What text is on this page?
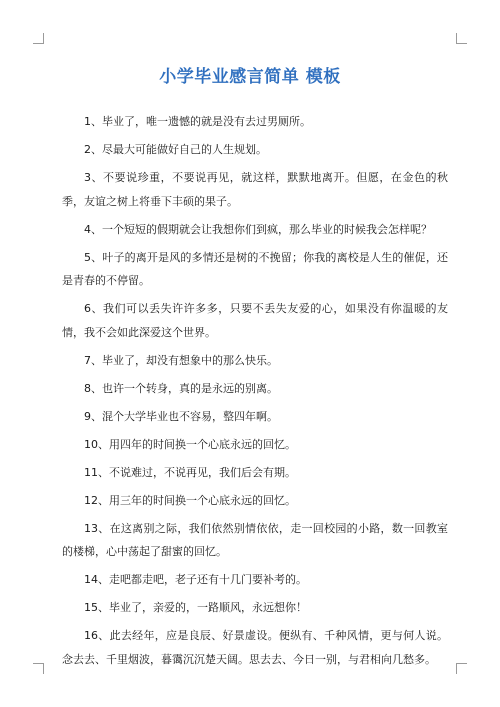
小学毕业感言简单 模板

1、毕业了，唯一遗憾的就是没有去过男厕所。

2、尽最大可能做好自己的人生规划。

3、不要说珍重，不要说再见，就这样，默默地离开。但愿，在金色的秋季，友谊之树上将垂下丰硕的果子。

4、一个短短的假期就会让我想你们到疯，那么毕业的时候我会怎样呢？

5、叶子的离开是风的多情还是树的不挽留；你我的离校是人生的催促，还是青春的不停留。

6、我们可以丢失许许多多，只要不丢失友爱的心，如果没有你温暖的友情，我不会如此深爱这个世界。

7、毕业了，却没有想象中的那么快乐。

8、也许一个转身，真的是永远的别离。

9、混个大学毕业也不容易，整四年啊。

10、用四年的时间换一个心底永远的回忆。

11、不说难过，不说再见，我们后会有期。

12、用三年的时间换一个心底永远的回忆。

13、在这离别之际，我们依然别情依依，走一回校园的小路，数一回教室的楼梯，心中荡起了甜蜜的回忆。

14、走吧都走吧，老子还有十几门要补考的。

15、毕业了，亲爱的，一路顺风，永远想你！

16、此去经年，应是良辰、好景虚设。便纵有、千种风情，更与何人说。念去去、千里烟波，暮霭沉沉楚天阔。思去去、今日一别，与君相向几愁多。
